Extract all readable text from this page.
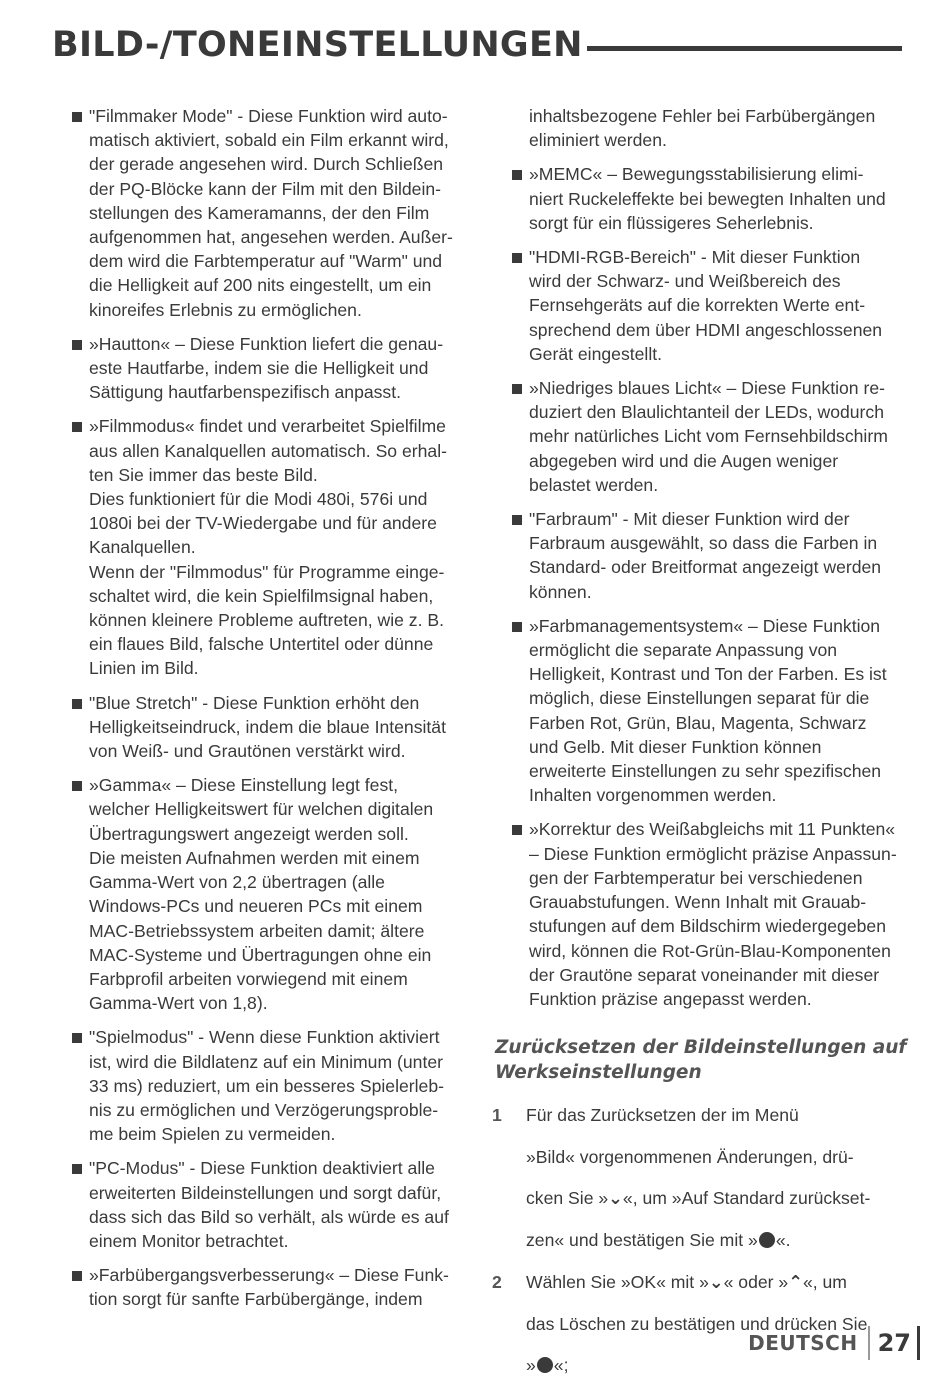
BILD-/TONEINSTELLUNGEN

"Filmmaker Mode" - Diese Funktion wird auto-

matisch aktiviert, sobald ein Film erkannt wird,

der gerade angesehen wird. Durch Schließen

der PQ-Blöcke kann der Film mit den Bildein-

stellungen des Kameramanns, der den Film

aufgenommen hat, angesehen werden. Außer-

dem wird die Farbtemperatur auf "Warm" und

die Helligkeit auf 200 nits eingestellt, um ein

kinoreifes Erlebnis zu ermöglichen.

»Hautton« – Diese Funktion liefert die genau-

este Hautfarbe, indem sie die Helligkeit und

Sättigung hautfarbenspezifisch anpasst.

»Filmmodus« findet und verarbeitet Spielfilme

aus allen Kanalquellen automatisch. So erhal-

ten Sie immer das beste Bild.

Dies funktioniert für die Modi 480i, 576i und

1080i bei der TV-Wiedergabe und für andere

Kanalquellen.

Wenn der "Filmmodus" für Programme einge-

schaltet wird, die kein Spielfilmsignal haben,

können kleinere Probleme auftreten, wie z. B.

ein flaues Bild, falsche Untertitel oder dünne

Linien im Bild.

"Blue Stretch" - Diese Funktion erhöht den

Helligkeitseindruck, indem die blaue Intensität

von Weiß- und Grautönen verstärkt wird.

»Gamma« – Diese Einstellung legt fest,

welcher Helligkeitswert für welchen digitalen

Übertragungswert angezeigt werden soll.

Die meisten Aufnahmen werden mit einem

Gamma-Wert von 2,2 übertragen (alle

Windows-PCs und neueren PCs mit einem

MAC-Betriebssystem arbeiten damit; ältere

MAC-Systeme und Übertragungen ohne ein

Farbprofil arbeiten vorwiegend mit einem

Gamma-Wert von 1,8).

"Spielmodus" - Wenn diese Funktion aktiviert

ist, wird die Bildlatenz auf ein Minimum (unter

33 ms) reduziert, um ein besseres Spielerleb-

nis zu ermöglichen und Verzögerungsproble-

me beim Spielen zu vermeiden.

"PC-Modus" - Diese Funktion deaktiviert alle

erweiterten Bildeinstellungen und sorgt dafür,

dass sich das Bild so verhält, als würde es auf

einem Monitor betrachtet.

»Farbübergangsverbesserung« – Diese Funk-

tion sorgt für sanfte Farbübergänge, indem

inhaltsbezogene Fehler bei Farbübergängen

eliminiert werden.

»MEMC« – Bewegungsstabilisierung elimi-

niert Ruckeleffekte bei bewegten Inhalten und

sorgt für ein flüssigeres Seherlebnis.

"HDMI-RGB-Bereich" - Mit dieser Funktion

wird der Schwarz- und Weißbereich des

Fernsehgeräts auf die korrekten Werte ent-

sprechend dem über HDMI angeschlossenen

Gerät eingestellt.

»Niedriges blaues Licht« – Diese Funktion re-

duziert den Blaulichtanteil der LEDs, wodurch

mehr natürliches Licht vom Fernsehbildschirm

abgegeben wird und die Augen weniger

belastet werden.

"Farbraum" - Mit dieser Funktion wird der

Farbraum ausgewählt, so dass die Farben in

Standard- oder Breitformat angezeigt werden

können.

»Farbmanagementsystem« – Diese Funktion

ermöglicht die separate Anpassung von

Helligkeit, Kontrast und Ton der Farben. Es ist

möglich, diese Einstellungen separat für die

Farben Rot, Grün, Blau, Magenta, Schwarz

und Gelb. Mit dieser Funktion können

erweiterte Einstellungen zu sehr spezifischen

Inhalten vorgenommen werden.

»Korrektur des Weißabgleichs mit 11 Punkten«

– Diese Funktion ermöglicht präzise Anpassun-

gen der Farbtemperatur bei verschiedenen

Grauabstufungen. Wenn Inhalt mit Grauab-

stufungen auf dem Bildschirm wiedergegeben

wird, können die Rot-Grün-Blau-Komponenten

der Grautöne separat voneinander mit dieser

Funktion präzise angepasst werden.

Zurücksetzen der Bildeinstellungen auf
Werkseinstellungen
1 Für das Zurücksetzen der im Menü

»Bild« vorgenommenen Änderungen, drü-

cken Sie »⌄«, um »Auf Standard zurückset-

zen« und bestätigen Sie mit » «.

2 Wählen Sie »OK« mit »⌄« oder »⌃«, um

das Löschen zu bestätigen und drücken Sie

» «;

DEUTSCH 27
